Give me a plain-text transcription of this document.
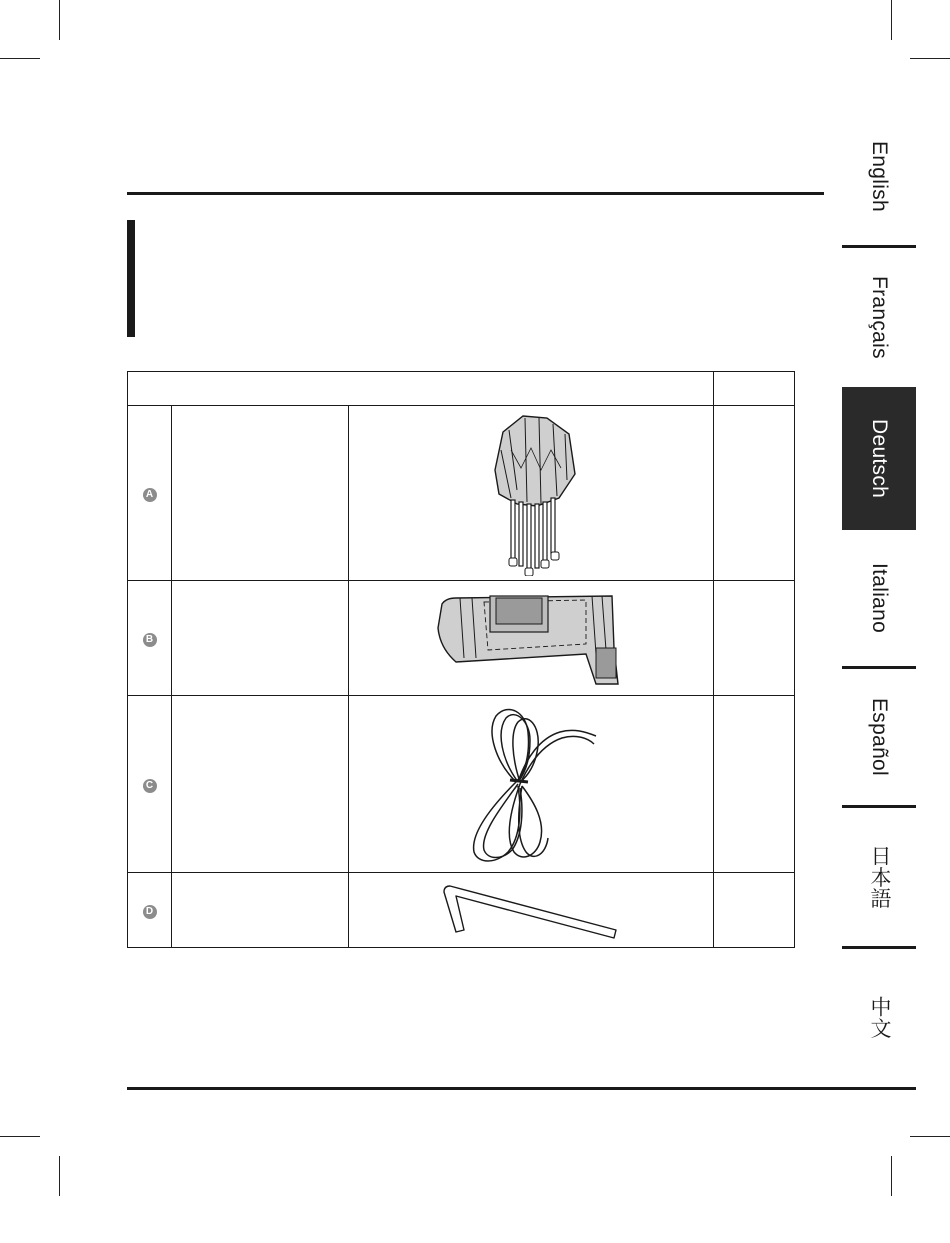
A		

B		

C		

D		

English
Français
Deutsch
Italiano
Español
日本語
中文
